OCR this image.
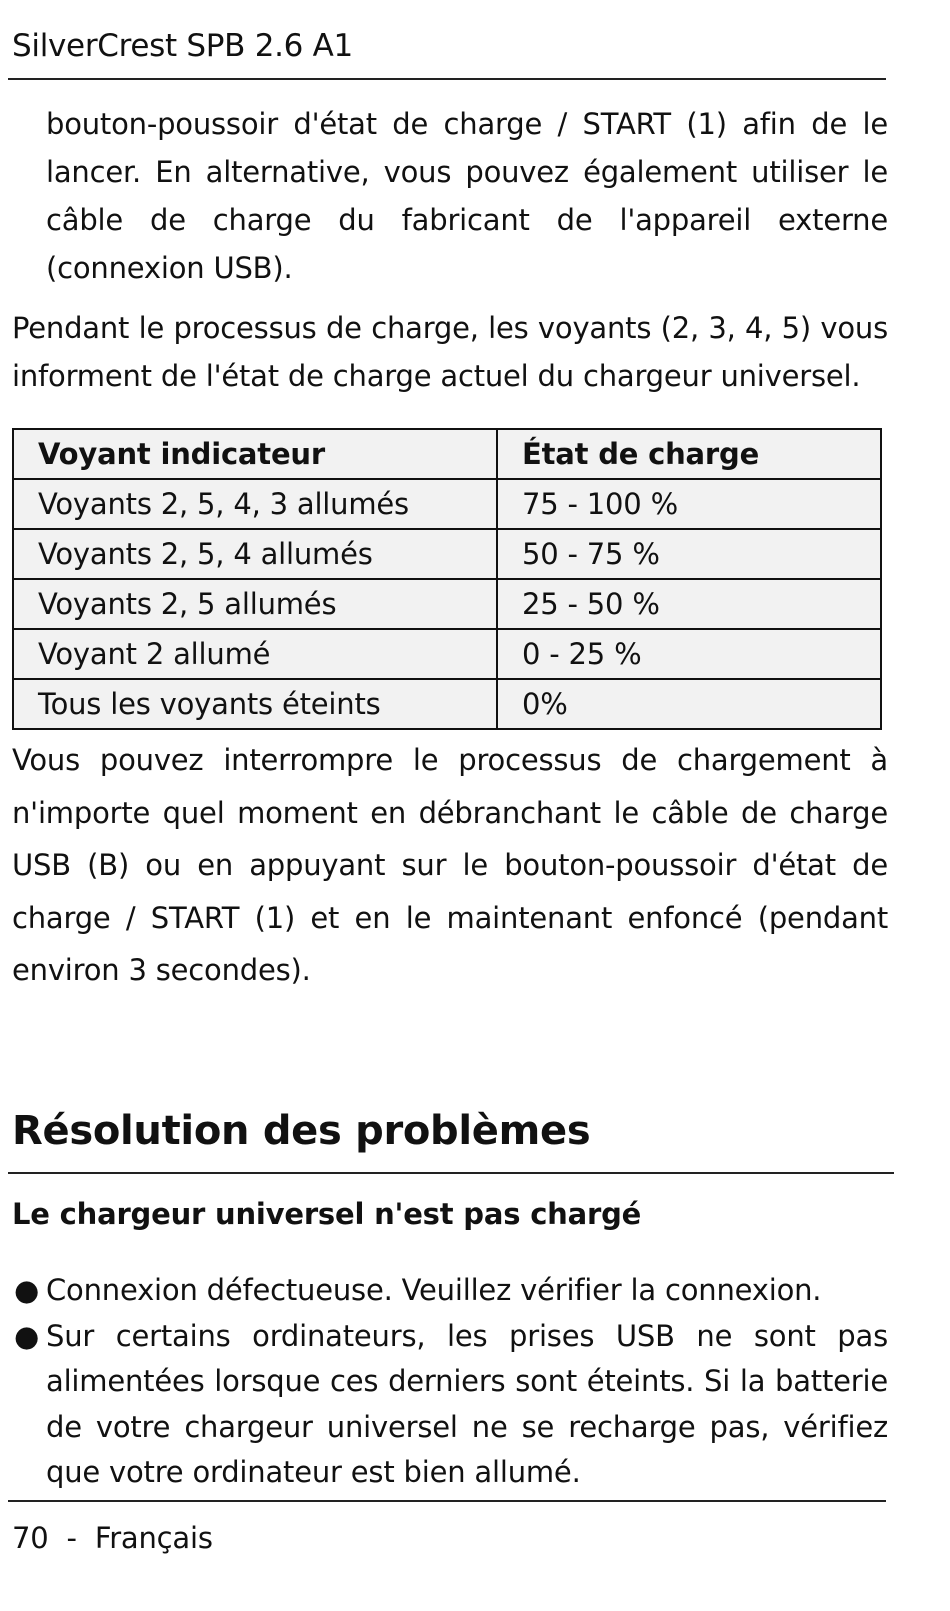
SilverCrest SPB 2.6 A1
bouton-poussoir d'état de charge / START (1) afin de le lancer. En alternative, vous pouvez également utiliser le câble de charge du fabricant de l'appareil externe (connexion USB).
Pendant le processus de charge, les voyants (2, 3, 4, 5) vous informent de l'état de charge actuel du chargeur universel.
Voyant indicateur	État de charge
Voyants 2, 5, 4, 3 allumés	75 - 100 %
Voyants 2, 5, 4 allumés	50 - 75 %
Voyants 2, 5 allumés	25 - 50 %
Voyant 2 allumé	0 - 25 %
Tous les voyants éteints	0%
Vous pouvez interrompre le processus de chargement à n'importe quel moment en débranchant le câble de charge USB (B) ou en appuyant sur le bouton-poussoir d'état de charge / START (1) et en le maintenant enfoncé (pendant environ 3 secondes).
Résolution des problèmes
Le chargeur universel n'est pas chargé
● Connexion défectueuse. Veuillez vérifier la connexion.
● Sur certains ordinateurs, les prises USB ne sont pas alimentées lorsque ces derniers sont éteints. Si la batterie de votre chargeur universel ne se recharge pas, vérifiez que votre ordinateur est bien allumé.
70  -  Français
